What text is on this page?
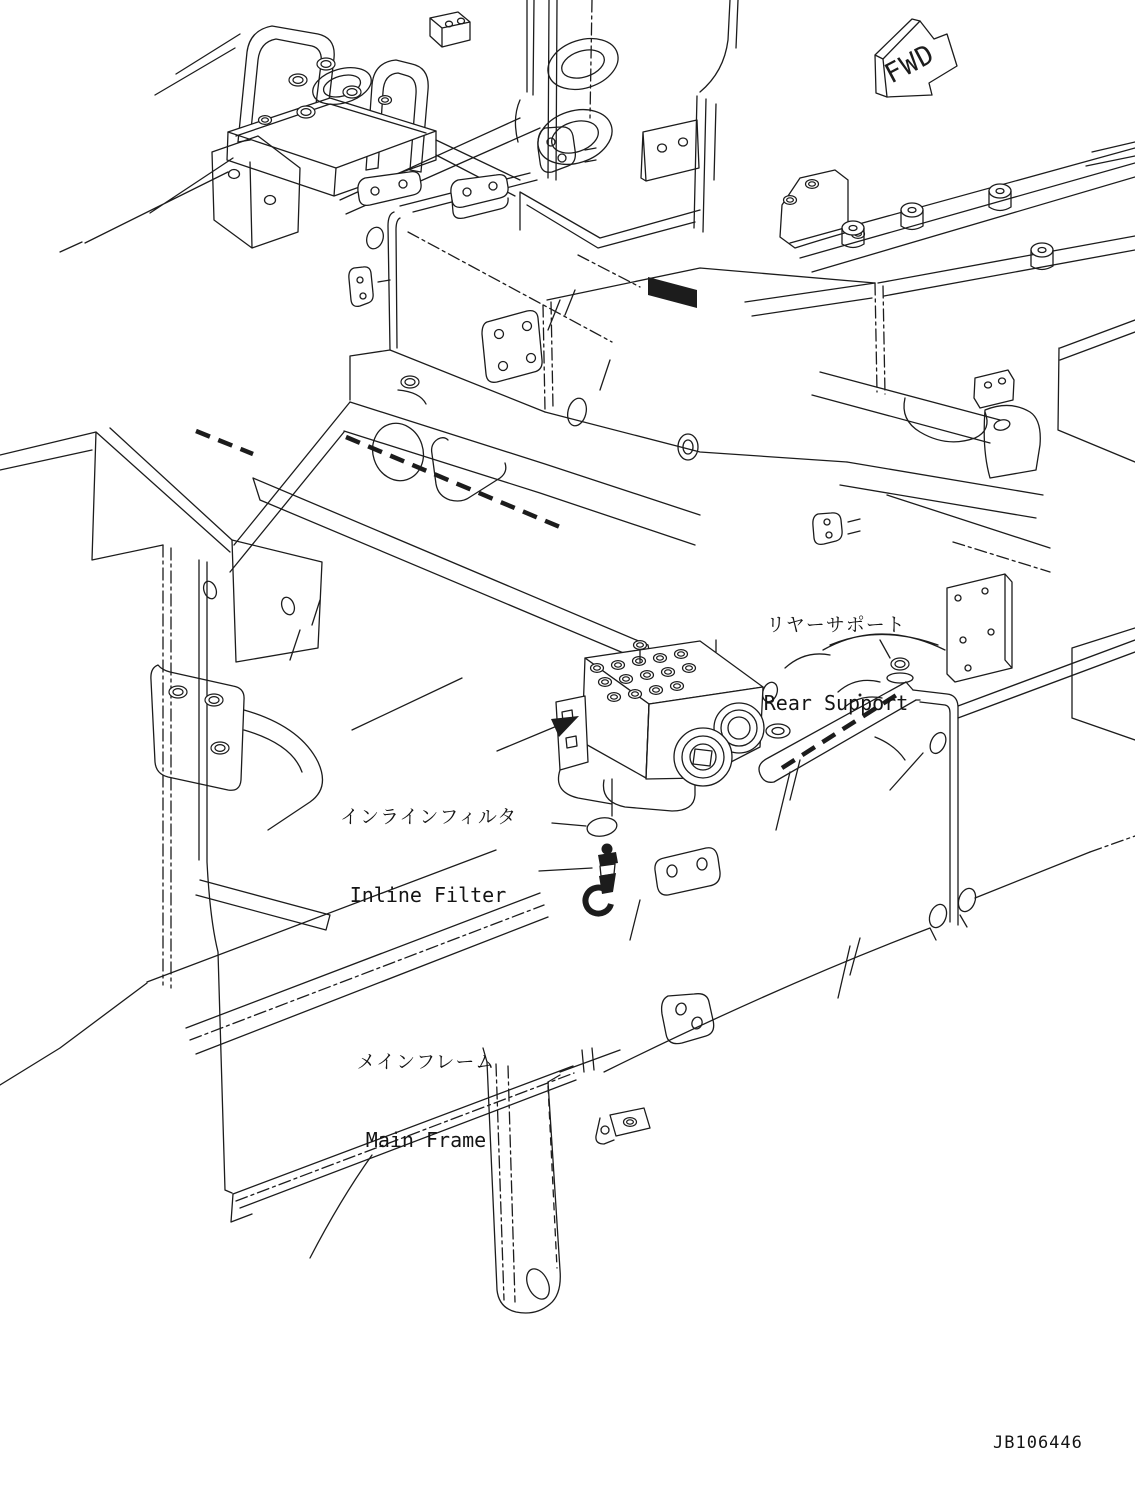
FWD

リヤーサポート

Rear Support

インラインフィルタ

Inline Filter

メインフレーム

Main Frame

JB106446
